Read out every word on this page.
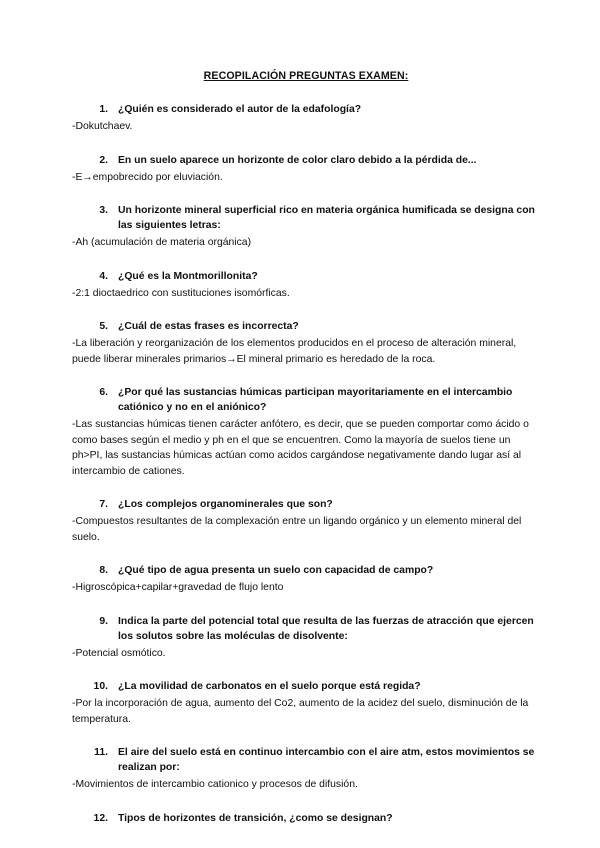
RECOPILACIÓN PREGUNTAS EXAMEN:
1. ¿Quién es considerado el autor de la edafología?
-Dokutchaev.
2. En un suelo aparece un horizonte de color claro debido a la pérdida de...
-E→empobrecido por eluviación.
3. Un horizonte mineral superficial rico en materia orgánica humificada se designa con las siguientes letras:
-Ah (acumulación de materia orgánica)
4. ¿Qué es la Montmorillonita?
-2:1 dioctaedrico con sustituciones isomórficas.
5. ¿Cuál de estas frases es incorrecta?
-La liberación y reorganización de los elementos producidos en el proceso de alteración mineral, puede liberar minerales primarios→El mineral primario es heredado de la roca.
6. ¿Por qué las sustancias húmicas participan mayoritariamente en el intercambio catiónico y no en el aniónico?
-Las sustancias húmicas tienen carácter anfótero, es decir, que se pueden comportar como ácido o como bases según el medio y ph en el que se encuentren. Como la mayoría de suelos tiene un ph>PI, las sustancias húmicas actúan como acidos cargándose negativamente dando lugar así al intercambio de cationes.
7. ¿Los complejos organominerales que son?
-Compuestos resultantes de la complexación entre un ligando orgánico y un elemento mineral del suelo.
8. ¿Qué tipo de agua presenta un suelo con capacidad de campo?
-Higroscópica+capilar+gravedad de flujo lento
9. Indica la parte del potencial total que resulta de las fuerzas de atracción que ejercen los solutos sobre las moléculas de disolvente:
-Potencial osmótico.
10. ¿La movilidad de carbonatos en el suelo porque está regida?
-Por la incorporación de agua, aumento del Co2, aumento de la acidez del suelo, disminución de la temperatura.
11. El aire del suelo está en continuo intercambio con el aire atm, estos movimientos se realizan por:
-Movimientos de intercambio cationico y procesos de difusión.
12. Tipos de horizontes de transición, ¿como se designan?
